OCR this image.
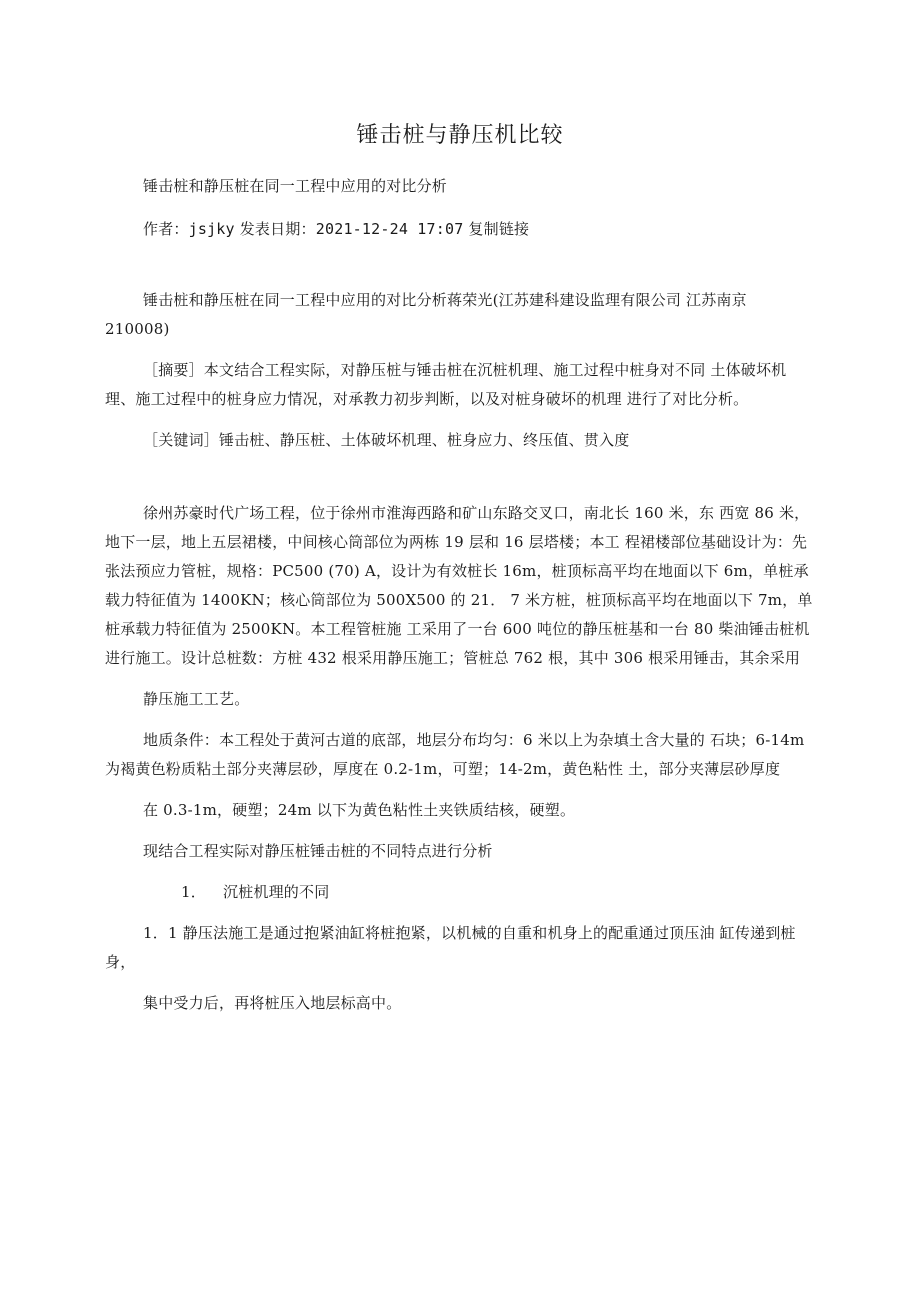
锤击桩与静压机比较

锤击桩和静压桩在同一工程中应用的对比分析

作者：jsjky 发表日期：2021-12-24 17:07 复制链接

锤击桩和静压桩在同一工程中应用的对比分析蒋荣光(江苏建科建设监理有限公司 江苏南京 210008)

［摘要］本文结合工程实际，对静压桩与锤击桩在沉桩机理、施工过程中桩身对不同 土体破坏机理、施工过程中的桩身应力情况，对承教力初步判断，以及对桩身破坏的机理 进行了对比分析。

［关键词］锤击桩、静压桩、土体破坏机理、桩身应力、终压值、贯入度

徐州苏豪时代广场工程，位于徐州市淮海西路和矿山东路交叉口，南北长 160 米，东 西宽 86 米，地下一层，地上五层裙楼，中间核心筒部位为两栋 19 层和 16 层塔楼；本工 程裙楼部位基础设计为：先张法预应力管桩，规格：PC500 (70) A，设计为有效桩长 16m，桩顶标高平均在地面以下 6m，单桩承载力特征值为 1400KN；核心筒部位为 500X500 的 21． 7 米方桩，桩顶标高平均在地面以下 7m，单桩承载力特征值为 2500KN。本工程管桩施 工采用了一台 600 吨位的静压桩基和一台 80 柴油锤击桩机进行施工。设计总桩数：方桩 432 根采用静压施工；管桩总 762 根，其中 306 根采用锤击，其余采用

静压施工工艺。

地质条件：本工程处于黄河古道的底部，地层分布均匀：6 米以上为杂填土含大量的 石块；6-14m 为褐黄色粉质粘土部分夹薄层砂，厚度在 0.2-1m，可塑；14-2m，黄色粘性 土，部分夹薄层砂厚度

在 0.3-1m，硬塑；24m 以下为黄色粘性土夹铁质结核，硬塑。

现结合工程实际对静压桩锤击桩的不同特点进行分析

1． 沉桩机理的不同

1．1 静压法施工是通过抱紧油缸将桩抱紧，以机械的自重和机身上的配重通过顶压油 缸传递到桩身，

集中受力后，再将桩压入地层标高中。
